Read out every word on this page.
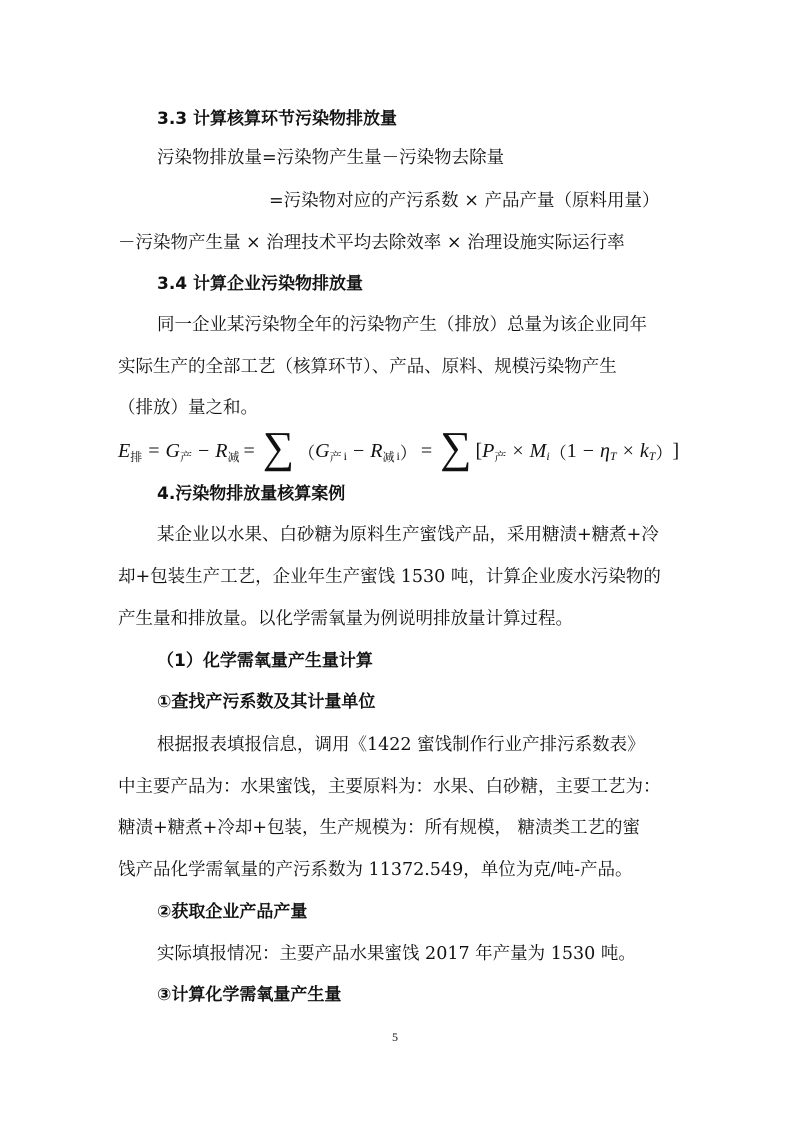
3.3 计算核算环节污染物排放量
污染物排放量=污染物产生量－污染物去除量
=污染物对应的产污系数 × 产品产量（原料用量）
－污染物产生量 × 治理技术平均去除效率 × 治理设施实际运行率
3.4 计算企业污染物排放量
同一企业某污染物全年的污染物产生（排放）总量为该企业同年
实际生产的全部工艺（核算环节）、产品、原料、规模污染物产生
（排放）量之和。
E 排 = G 产 − R 减 = ∑ （ G 产 i − R 减 i ） = ∑ [ P 产 × M i （ 1 − η T × k T ） ]
4.污染物排放量核算案例
某企业以水果、白砂糖为原料生产蜜饯产品，采用糖渍+糖煮+冷
却+包装生产工艺，企业年生产蜜饯 1530 吨，计算企业废水污染物的
产生量和排放量。以化学需氧量为例说明排放量计算过程。
（1）化学需氧量产生量计算
①查找产污系数及其计量单位
根据报表填报信息，调用《1422 蜜饯制作行业产排污系数表》
中主要产品为：水果蜜饯，主要原料为：水果、白砂糖，主要工艺为：
糖渍+糖煮+冷却+包装，生产规模为：所有规模， 糖渍类工艺的蜜
饯产品化学需氧量的产污系数为 11372.549，单位为克/吨-产品。
②获取企业产品产量
实际填报情况：主要产品水果蜜饯 2017 年产量为 1530 吨。
③计算化学需氧量产生量
5
